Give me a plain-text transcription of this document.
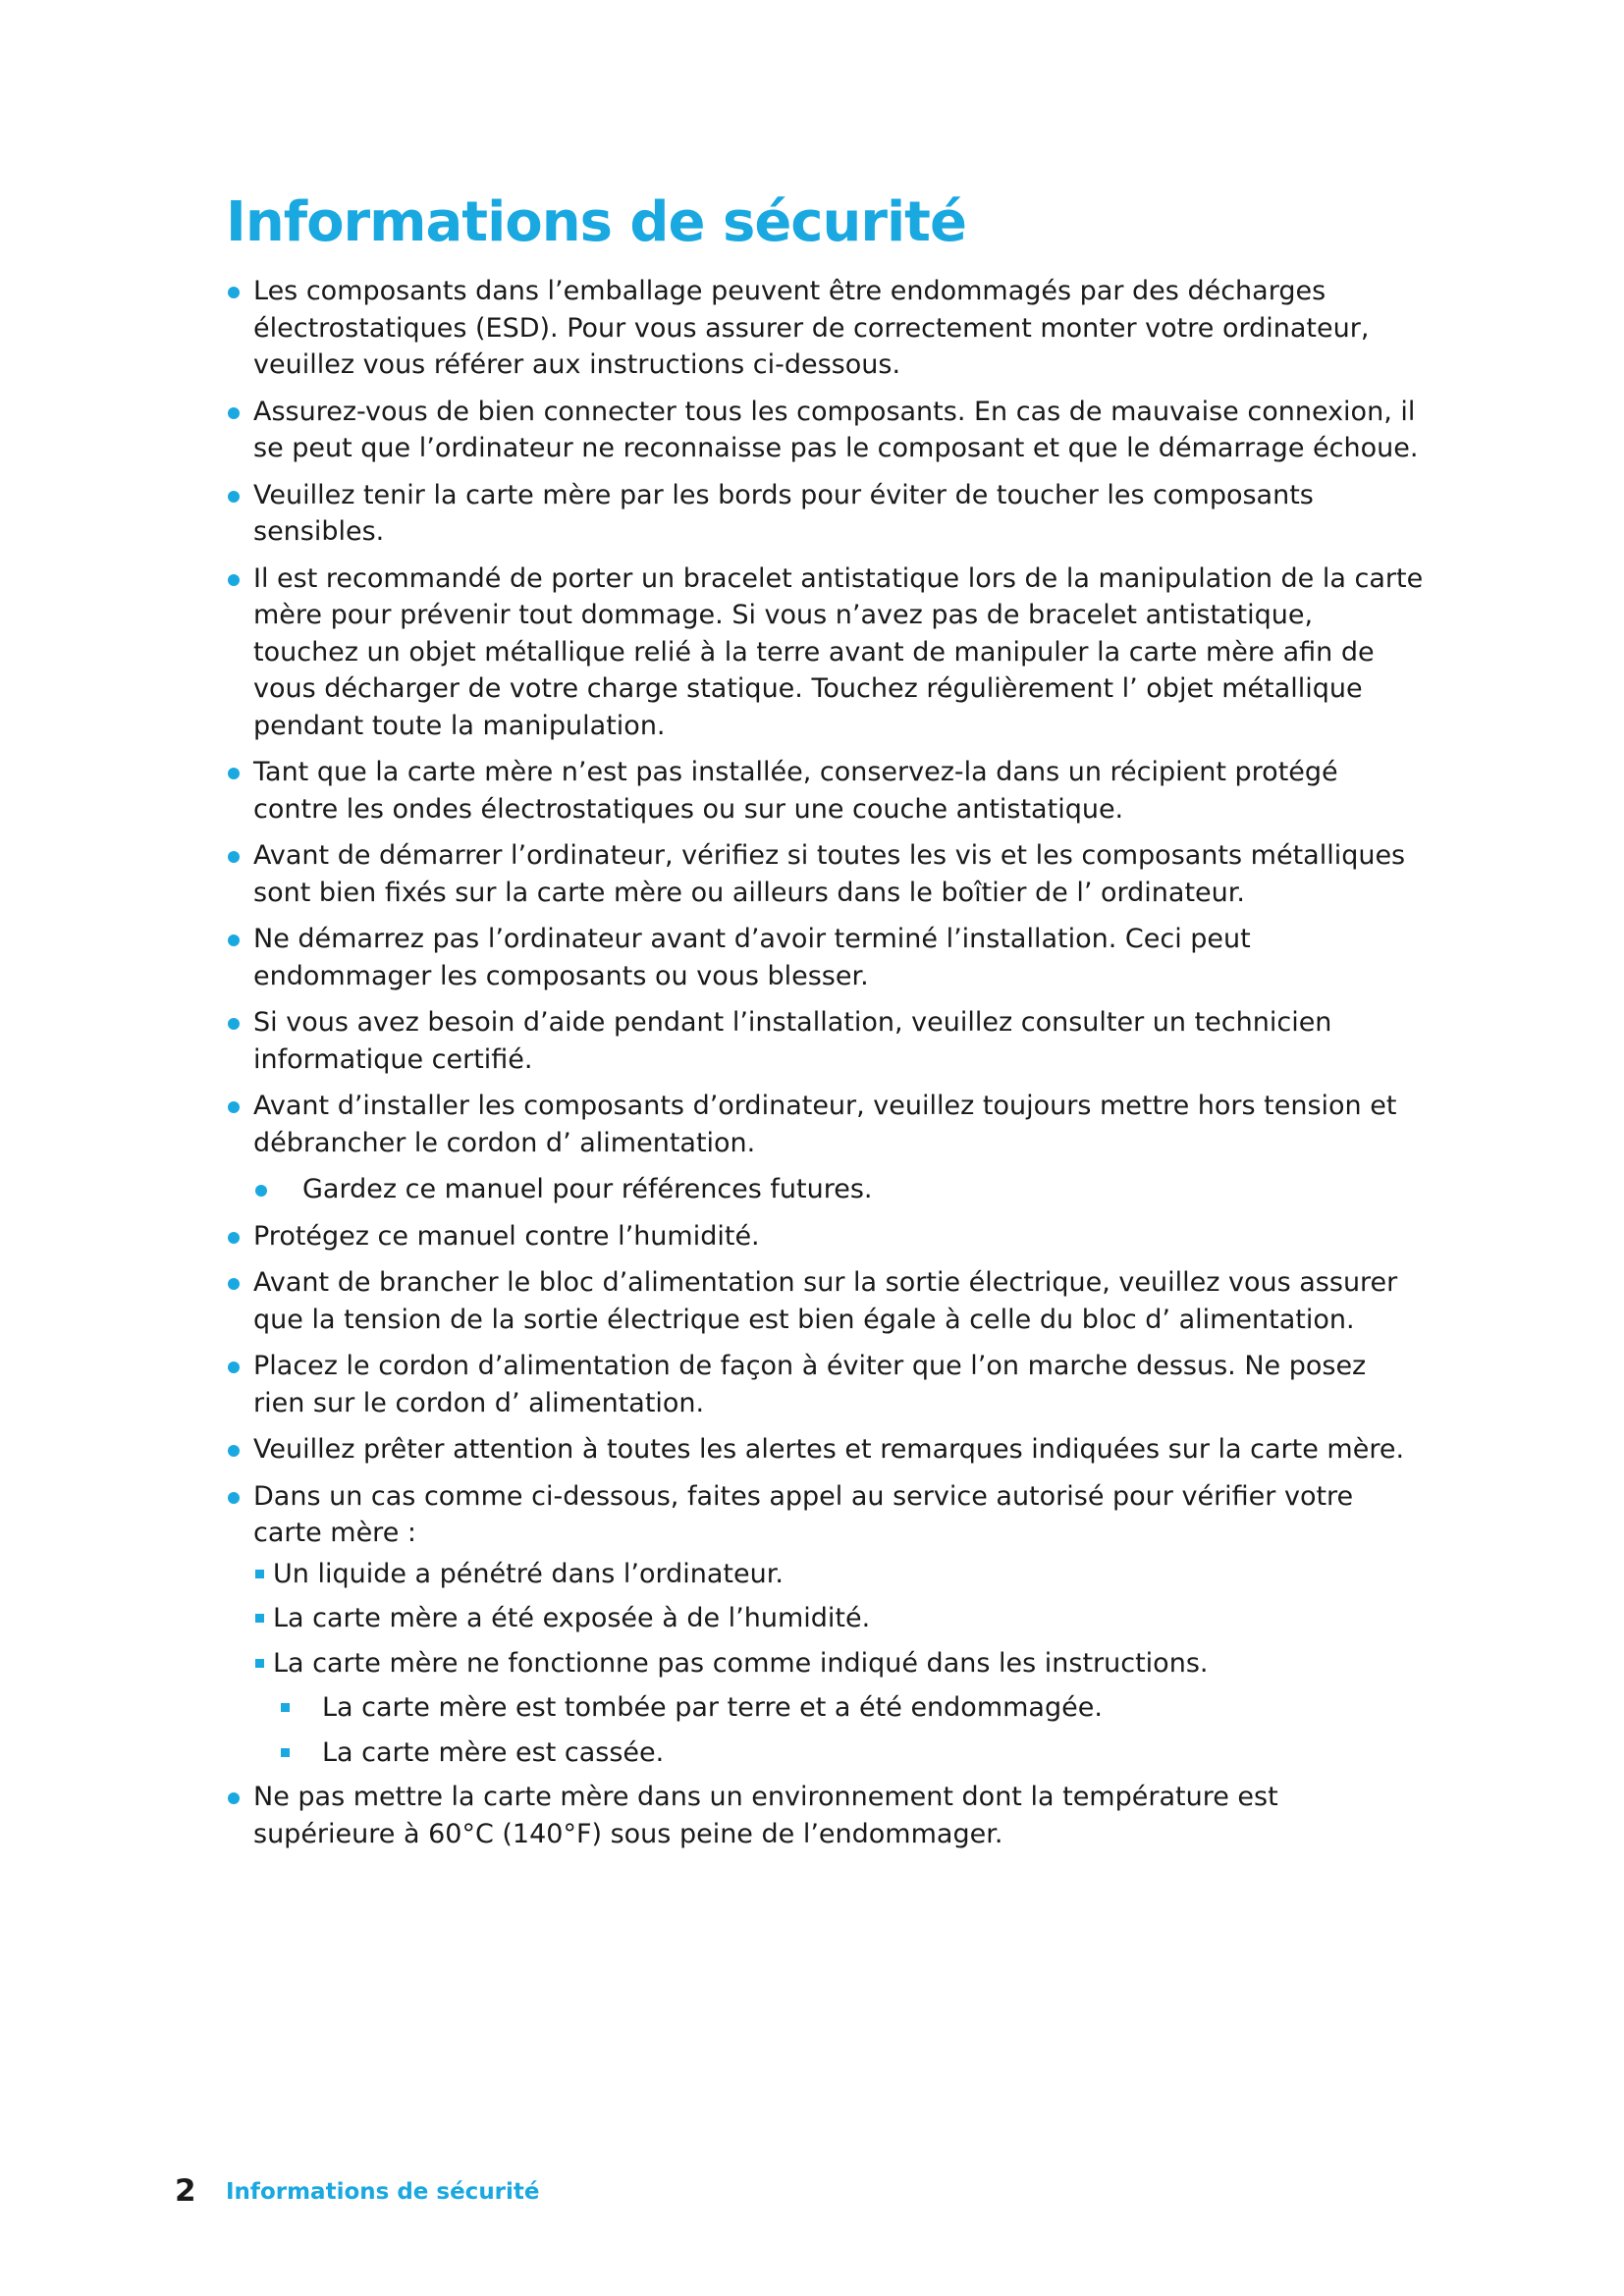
Informations de sécurité
Les composants dans l’emballage peuvent être endommagés par des décharges électrostatiques (ESD). Pour vous assurer de correctement monter votre ordinateur, veuillez vous référer aux instructions ci-dessous.
Assurez-vous de bien connecter tous les composants. En cas de mauvaise connexion, il se peut que l’ordinateur ne reconnaisse pas le composant et que le démarrage échoue.
Veuillez tenir la carte mère par les bords pour éviter de toucher les composants sensibles.
Il est recommandé de porter un bracelet antistatique lors de la manipulation de la carte mère pour prévenir tout dommage. Si vous n’avez pas de bracelet antistatique, touchez un objet métallique relié à la terre avant de manipuler la carte mère afin de vous décharger de votre charge statique. Touchez régulièrement l’ objet métallique pendant toute la manipulation.
Tant que la carte mère n’est pas installée, conservez-la dans un récipient protégé contre les ondes électrostatiques ou sur une couche antistatique.
Avant de démarrer l’ordinateur, vérifiez si toutes les vis et les composants métalliques sont bien fixés sur la carte mère ou ailleurs dans le boîtier de l’ ordinateur.
Ne démarrez pas l’ordinateur avant d’avoir terminé l’installation. Ceci peut endommager les composants ou vous blesser.
Si vous avez besoin d’aide pendant l’installation, veuillez consulter un technicien informatique certifié.
Avant d’installer les composants d’ordinateur, veuillez toujours mettre hors tension et débrancher le cordon d’ alimentation.
Gardez ce manuel pour références futures.
Protégez ce manuel contre l’humidité.
Avant de brancher le bloc d’alimentation sur la sortie électrique, veuillez vous assurer que la tension de la sortie électrique est bien égale à celle du bloc d’ alimentation.
Placez le cordon d’alimentation de façon à éviter que l’on marche dessus. Ne posez rien sur le cordon d’ alimentation.
Veuillez prêter attention à toutes les alertes et remarques indiquées sur la carte mère.
Dans un cas comme ci-dessous, faites appel au service autorisé pour vérifier votre carte mère :
Un liquide a pénétré dans l’ordinateur.
La carte mère a été exposée à de l’humidité.
La carte mère ne fonctionne pas comme indiqué dans les instructions.
La carte mère est tombée par terre et a été endommagée.
La carte mère est cassée.
Ne pas mettre la carte mère dans un environnement dont la température est supérieure à 60°C (140°F) sous peine de l’endommager.
2 Informations de sécurité
